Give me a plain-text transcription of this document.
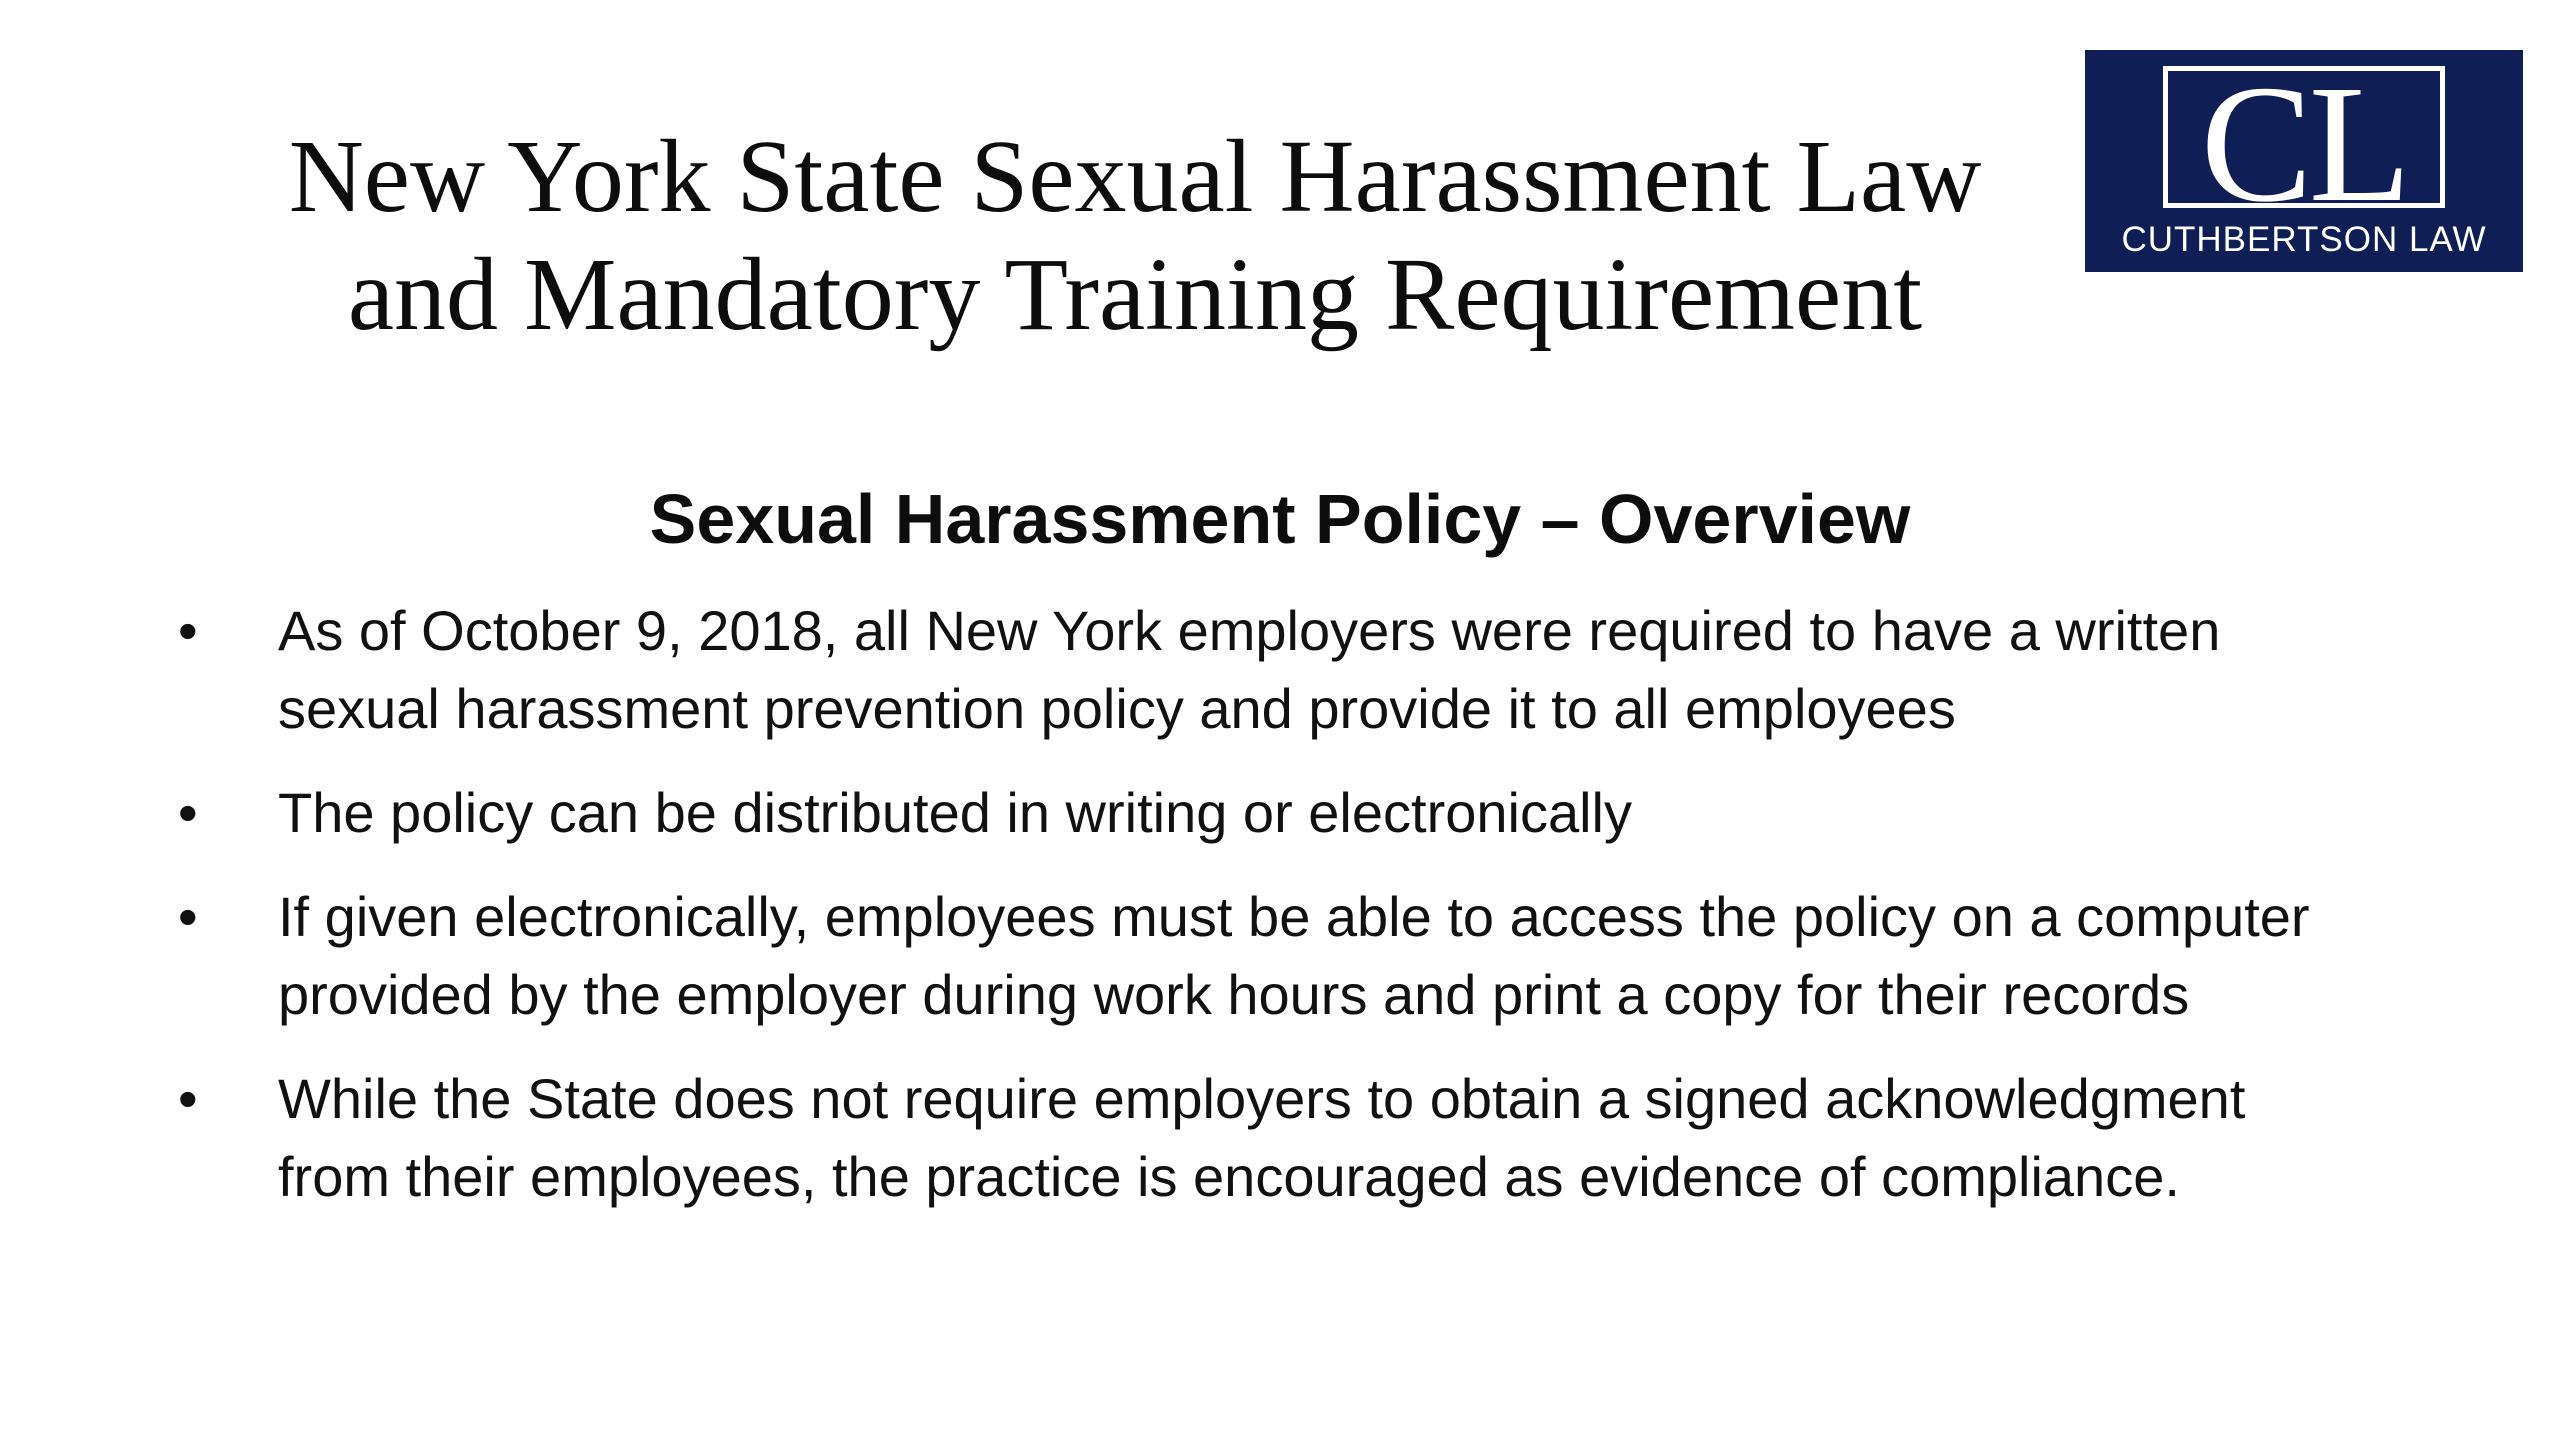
New York State Sexual Harassment Law
and Mandatory Training Requirement
CL
CUTHBERTSON LAW
Sexual Harassment Policy – Overview
• As of October 9, 2018, all New York employers were required to have a written
sexual harassment prevention policy and provide it to all employees
• The policy can be distributed in writing or electronically
• If given electronically, employees must be able to access the policy on a computer
provided by the employer during work hours and print a copy for their records
• While the State does not require employers to obtain a signed acknowledgment
from their employees, the practice is encouraged as evidence of compliance.
